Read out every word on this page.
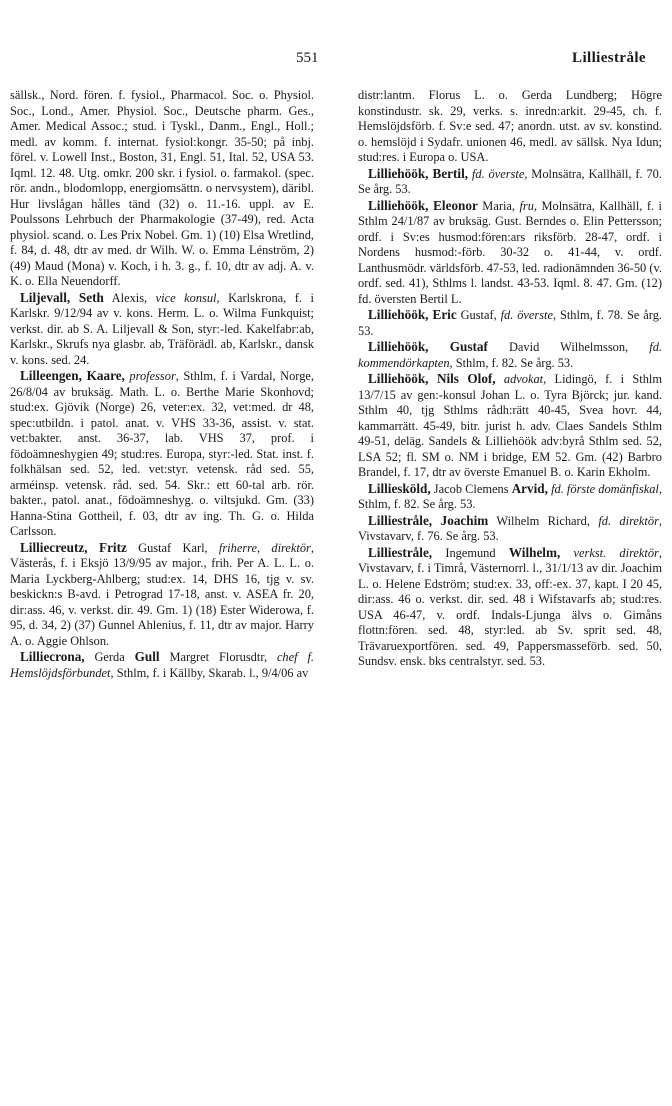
551	Lilliestråle

sällsk., Nord. fören. f. fysiol., Pharmacol. Soc. o. Physiol. Soc., Lond., Amer. Physiol. Soc., Deutsche pharm. Ges., Amer. Medical Assoc.; stud. i Tyskl., Danm., Engl., Holl.; medl. av komm. f. internat. fysiol:kongr. 35-50; på inbj. förel. v. Lowell Inst., Boston, 31, Engl. 51, Ital. 52, USA 53. Iqml. 12. 48. Utg. omkr. 200 skr. i fysiol. o. farmakol. (spec. rör. andn., blodomlopp, energiomsättn. o nervsystem), däribl. Hur livslågan hålles tänd (32) o. 11.-16. uppl. av E. Poulssons Lehrbuch der Pharmakologie (37-49), red. Acta physiol. scand. o. Les Prix Nobel. Gm. 1) (10) Elsa Wretlind, f. 84, d. 48, dtr av med. dr Wilh. W. o. Emma Lénström, 2) (49) Maud (Mona) v. Koch, i h. 3. g., f. 10, dtr av adj. A. v. K. o. Ella Neuendorff.

Liljevall, Seth Alexis, vice konsul, Karlskrona, f. i Karlskr. 9/12/94 av v. kons. Herm. L. o. Wilma Funkquist; verkst. dir. ab S. A. Liljevall & Son, styr:-led. Kakelfabr:ab, Karlskr., Skrufs nya glasbr. ab, Träförädl. ab, Karlskr., dansk v. kons. sed. 24.

Lilleengen, Kaare, professor, Sthlm, f. i Vardal, Norge, 26/8/04 av bruksäg. Math. L. o. Berthe Marie Skonhovd; stud:ex. Gjövik (Norge) 26, veter:ex. 32, vet:med. dr 48, spec:utbildn. i patol. anat. v. VHS 33-36, assist. v. stat. vet:bakter. anst. 36-37, lab. VHS 37, prof. i födoämneshygien 49; stud:res. Europa, styr:-led. Stat. inst. f. folkhälsan sed. 52, led. vet:styr. vetensk. råd sed. 55, arméinsp. vetensk. råd. sed. 54. Skr.: ett 60-tal arb. rör. bakter., patol. anat., födoämneshyg. o. viltsjukd. Gm. (33) Hanna-Stina Gottheil, f. 03, dtr av ing. Th. G. o. Hilda Carlsson.

Lilliecreutz, Fritz Gustaf Karl, friherre, direktör, Västerås, f. i Eksjö 13/9/95 av major., frih. Per A. L. L. o. Maria Lyckberg-Ahlberg; stud:ex. 14, DHS 16, tjg v. sv. beskickn:s B-avd. i Petrograd 17-18, anst. v. ASEA fr. 20, dir:ass. 46, v. verkst. dir. 49. Gm. 1) (18) Ester Widerowa, f. 95, d. 34, 2) (37) Gunnel Ahlenius, f. 11, dtr av major. Harry A. o. Aggie Ohlson.

Lilliecrona, Gerda Gull Margret Florusdtr, chef f. Hemslöjdsförbundet, Sthlm, f. i Källby, Skarab. l., 9/4/06 av

distr:lantm. Florus L. o. Gerda Lundberg; Högre konstindustr. sk. 29, verks. s. inredn:arkit. 29-45, ch. f. Hemslöjdsförb. f. Sv:e sed. 47; anordn. utst. av sv. konstind. o. hemslöjd i Sydafr. unionen 46, medl. av sällsk. Nya Idun; stud:res. i Europa o. USA.

Lilliehöök, Bertil, fd. överste, Molnsätra, Kallhäll, f. 70. Se årg. 53.

Lilliehöök, Eleonor Maria, fru, Molnsätra, Kallhäll, f. i Sthlm 24/1/87 av bruksäg. Gust. Berndes o. Elin Pettersson; ordf. i Sv:es husmod:fören:ars riksförb. 28-47, ordf. i Nordens husmod:-förb. 30-32 o. 41-44, v. ordf. Lanthusmödr. världsförb. 47-53, led. radionämnden 36-50 (v. ordf. sed. 41), Sthlms l. landst. 43-53. Iqml. 8. 47. Gm. (12) fd. översten Bertil L.

Lilliehöök, Eric Gustaf, fd. överste, Sthlm, f. 78. Se årg. 53.

Lilliehöök, Gustaf David Wilhelmsson, fd. kommendörkapten, Sthlm, f. 82. Se årg. 53.

Lilliehöök, Nils Olof, advokat, Lidingö, f. i Sthlm 13/7/15 av gen:-konsul Johan L. o. Tyra Björck; jur. kand. Sthlm 40, tjg Sthlms rådh:rätt 40-45, Svea hovr. 44, kammarrätt. 45-49, bitr. jurist h. adv. Claes Sandels Sthlm 49-51, deläg. Sandels & Lilliehöök adv:byrå Sthlm sed. 52, LSA 52; fl. SM o. NM i bridge, EM 52. Gm. (42) Barbro Brandel, f. 17, dtr av överste Emanuel B. o. Karin Ekholm.

Lilliesköld, Jacob Clemens Arvid, fd. förste domänfiskal, Sthlm, f. 82. Se årg. 53.

Lilliestråle, Joachim Wilhelm Richard, fd. direktör, Vivstavarv, f. 76. Se årg. 53.

Lilliestråle, Ingemund Wilhelm, verkst. direktör, Vivstavarv, f. i Timrå, Västernorrl. l., 31/1/13 av dir. Joachim L. o. Helene Edström; stud:ex. 33, off:-ex. 37, kapt. I 20 45, dir:ass. 46 o. verkst. dir. sed. 48 i Wifstavarfs ab; stud:res. USA 46-47, v. ordf. Indals-Ljunga älvs o. Gimåns flottn:fören. sed. 48, styr:led. ab Sv. sprit sed. 48, Trävaruexportfören. sed. 49, Pappersmasseförb. sed. 50, Sundsv. ensk. bks centralstyr. sed. 53.
